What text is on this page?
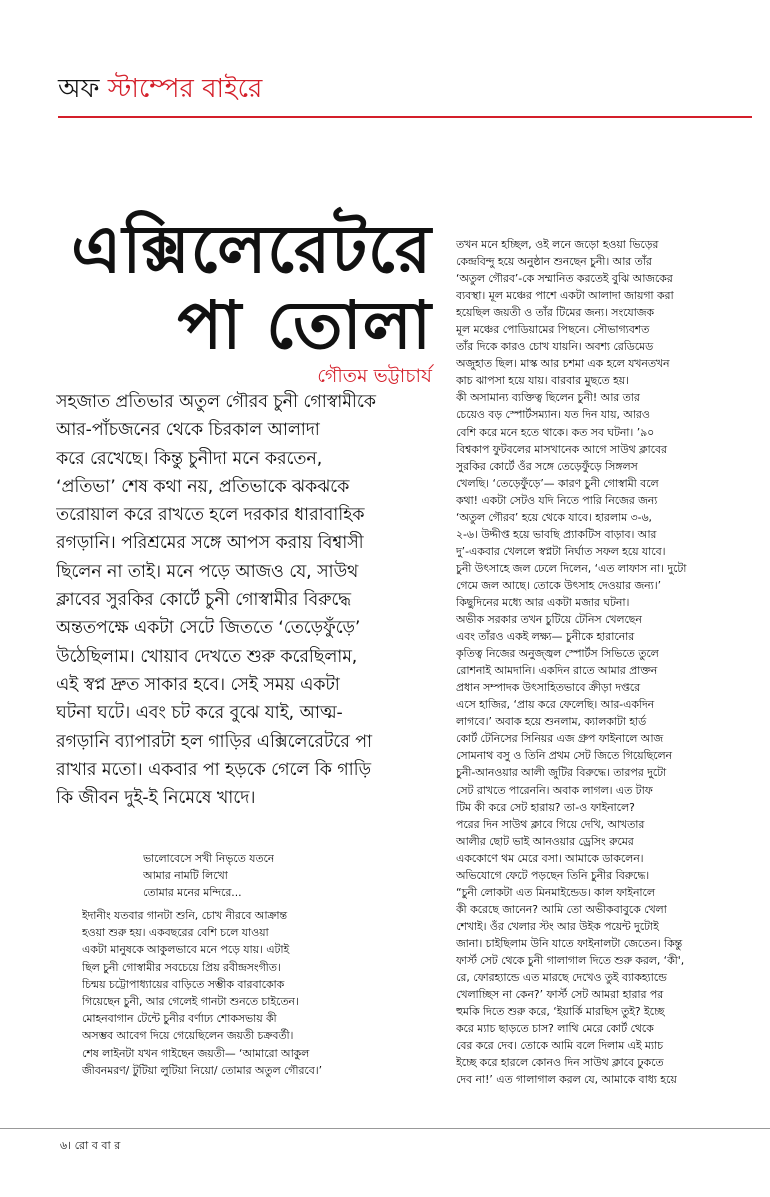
অফ স্টাম্পের বাইরে
এক্সিলেরেটরে
পা তোলা
গৌতম ভট্টাচার্য
সহজাত প্রতিভার অতুল গৌরব চুনী গোস্বামীকে
আর-পাঁচজনের থেকে চিরকাল আলাদা
করে রেখেছে। কিন্তু চুনীদা মনে করতেন,
‘প্রতিভা’ শেষ কথা নয়, প্রতিভাকে ঝকঝকে
তরোয়াল করে রাখতে হলে দরকার ধারাবাহিক
রগড়ানি। পরিশ্রমের সঙ্গে আপস করায় বিশ্বাসী
ছিলেন না তাই। মনে পড়ে আজও যে, সাউথ
ক্লাবের সুরকির কোর্টে চুনী গোস্বামীর বিরুদ্ধে
অন্ততপক্ষে একটা সেটে জিততে ‘তেড়েফুঁড়ে’
উঠেছিলাম। খোয়াব দেখতে শুরু করেছিলাম,
এই স্বপ্ন দ্রুত সাকার হবে। সেই সময় একটা
ঘটনা ঘটে। এবং চট করে বুঝে যাই, আত্ম-
রগড়ানি ব্যাপারটা হল গাড়ির এক্সিলেরেটরে পা
রাখার মতো। একবার পা হড়কে গেলে কি গাড়ি
কি জীবন দুই-ই নিমেষে খাদে।
তখন মনে হচ্ছিল, ওই লনে জড়ো হওয়া ভিড়ের
কেন্দ্রবিন্দু হয়ে অনুষ্ঠান শুনছেন চুনী। আর তাঁর
‘অতুল গৌরব’-কে সম্মানিত করতেই বুঝি আজকের
ব্যবস্থা। মূল মঞ্চের পাশে একটা আলাদা জায়গা করা
হয়েছিল জয়তী ও তাঁর টিমের জন্য। সংযোজক
মূল মঞ্চের পোডিয়ামের পিছনে। সৌভাগ্যবশত
তাঁর দিকে কারও চোখ যায়নি। অবশ্য রেডিমেড
অজুহাত ছিল। মাস্ক আর চশমা এক হলে যখনতখন
কাচ ঝাপসা হয়ে যায়। বারবার মুছতে হয়।
কী অসামান্য ব্যক্তিত্ব ছিলেন চুনী! আর তার
চেয়েও বড় স্পোর্টসম্যান। যত দিন যায়, আরও
বেশি করে মনে হতে থাকে। কত সব ঘটনা। ’৯০
বিশ্বকাপ ফুটবলের মাসখানেক আগে সাউথ ক্লাবের
সুরকির কোর্টে ওঁর সঙ্গে তেড়েফুঁড়ে সিঙ্গলস
খেলছি। ‘তেড়েফুঁড়ে’— কারণ চুনী গোস্বামী বলে
কথা! একটা সেটও যদি নিতে পারি নিজের জন্য
‘অতুল গৌরব’ হয়ে থেকে যাবে। হারলাম ৩-৬,
২-৬। উদ্দীপ্ত হয়ে ভাবছি প্র্যাকটিস বাড়াব। আর
দু’-একবার খেললে স্বপ্নটা নির্ঘাত সফল হয়ে যাবে।
চুনী উৎসাহে জল ঢেলে দিলেন, ‘এত লাফাস না। দুটো
গেমে জল আছে। তোকে উৎসাহ দেওয়ার জন্য।’
কিছুদিনের মধ্যে আর একটা মজার ঘটনা।
অভীক সরকার তখন চুটিয়ে টেনিস খেলছেন
এবং তাঁরও একই লক্ষ্য— চুনীকে হারানোর
কৃতিত্ব নিজের অনুজ্জ্বল স্পোর্টস সিভিতে তুলে
রোশনাই আমদানি। একদিন রাতে আমার প্রাক্তন
প্রধান সম্পাদক উৎসাহিতভাবে ক্রীড়া দপ্তরে
এসে হাজির, ‘প্রায় করে ফেলেছি। আর-একদিন
লাগবে।’ অবাক হয়ে শুনলাম, ক্যালকাটা হার্ড
কোর্ট টেনিসের সিনিয়র এজ গ্রুপ ফাইনালে আজ
সোমনাথ বসু ও তিনি প্রথম সেট জিতে গিয়েছিলেন
চুনী-আনওয়ার আলী জুটির বিরুদ্ধে। তারপর দুটো
সেট রাখতে পারেননি। অবাক লাগল। এত টাফ
টিম কী করে সেট হারায়? তা-ও ফাইনালে?
পরের দিন সাউথ ক্লাবে গিয়ে দেখি, আখতার
আলীর ছোট ভাই আনওয়ার ড্রেসিং রুমের
এককোণে থম মেরে বসা। আমাকে ডাকলেন।
অভিযোগে ফেটে পড়ছেন তিনি চুনীর বিরুদ্ধে।
“চুনী লোকটা এত মিনমাইন্ডেড। কাল ফাইনালে
কী করেছে জানেন? আমি তো অভীকবাবুকে খেলা
শেখাই। ওঁর খেলার স্টং আর উইক পয়েন্ট দুটোই
জানা। চাইছিলাম উনি যাতে ফাইনালটা জেতেন। কিন্তু
ফার্স্ট সেট থেকে চুনী গালাগাল দিতে শুরু করল, ‘কী',
রে, ফোরহ্যান্ডে এত মারছে দেখেও তুই ব্যাকহ্যান্ডে
খেলাচ্ছিস না কেন?’ ফার্স্ট সেট আমরা হারার পর
হুমকি দিতে শুরু করে, ‘ইয়ার্কি মারছিস তুই? ইচ্ছে
করে ম্যাচ ছাড়তে চাস? লাথি মেরে কোর্ট থেকে
বের করে দেব। তোকে আমি বলে দিলাম এই ম্যাচ
ইচ্ছে করে হারলে কোনও দিন সাউথ ক্লাবে ঢুকতে
দেব না!’ এত গালাগাল করল যে, আমাকে বাধ্য হয়ে
ভালোবেসে সখী নিভৃতে যতনে
আমার নামটি লিখো
তোমার মনের মন্দিরে...
ইদানীং যতবার গানটা শুনি, চোখ নীরবে আক্রান্ত
হওয়া শুরু হয়। একবছরের বেশি চলে যাওয়া
একটা মানুষকে আকুলভাবে মনে পড়ে যায়। এটাই
ছিল চুনী গোস্বামীর সবচেয়ে প্রিয় রবীন্দ্রসংগীত।
চিন্ময় চট্টোপাধ্যায়ের বাড়িতে সম্ভীক বারবাকোক
গিয়েছেন চুনী, আর গেলেই গানটা শুনতে চাইতেন।
মোহনবাগান টেন্টে চুনীর বর্ণাঢ্য শোকসভায় কী
অসম্ভব আবেগ দিয়ে গেয়েছিলেন জয়তী চক্রবর্তী।
শেষ লাইনটা যখন গাইছেন জয়তী— ‘আমারো আকুল
জীবনমরণ/ টুটিয়া লুটিয়া নিয়ো/ তোমার অতুল গৌরবে।’
৬। রো ব বা র
